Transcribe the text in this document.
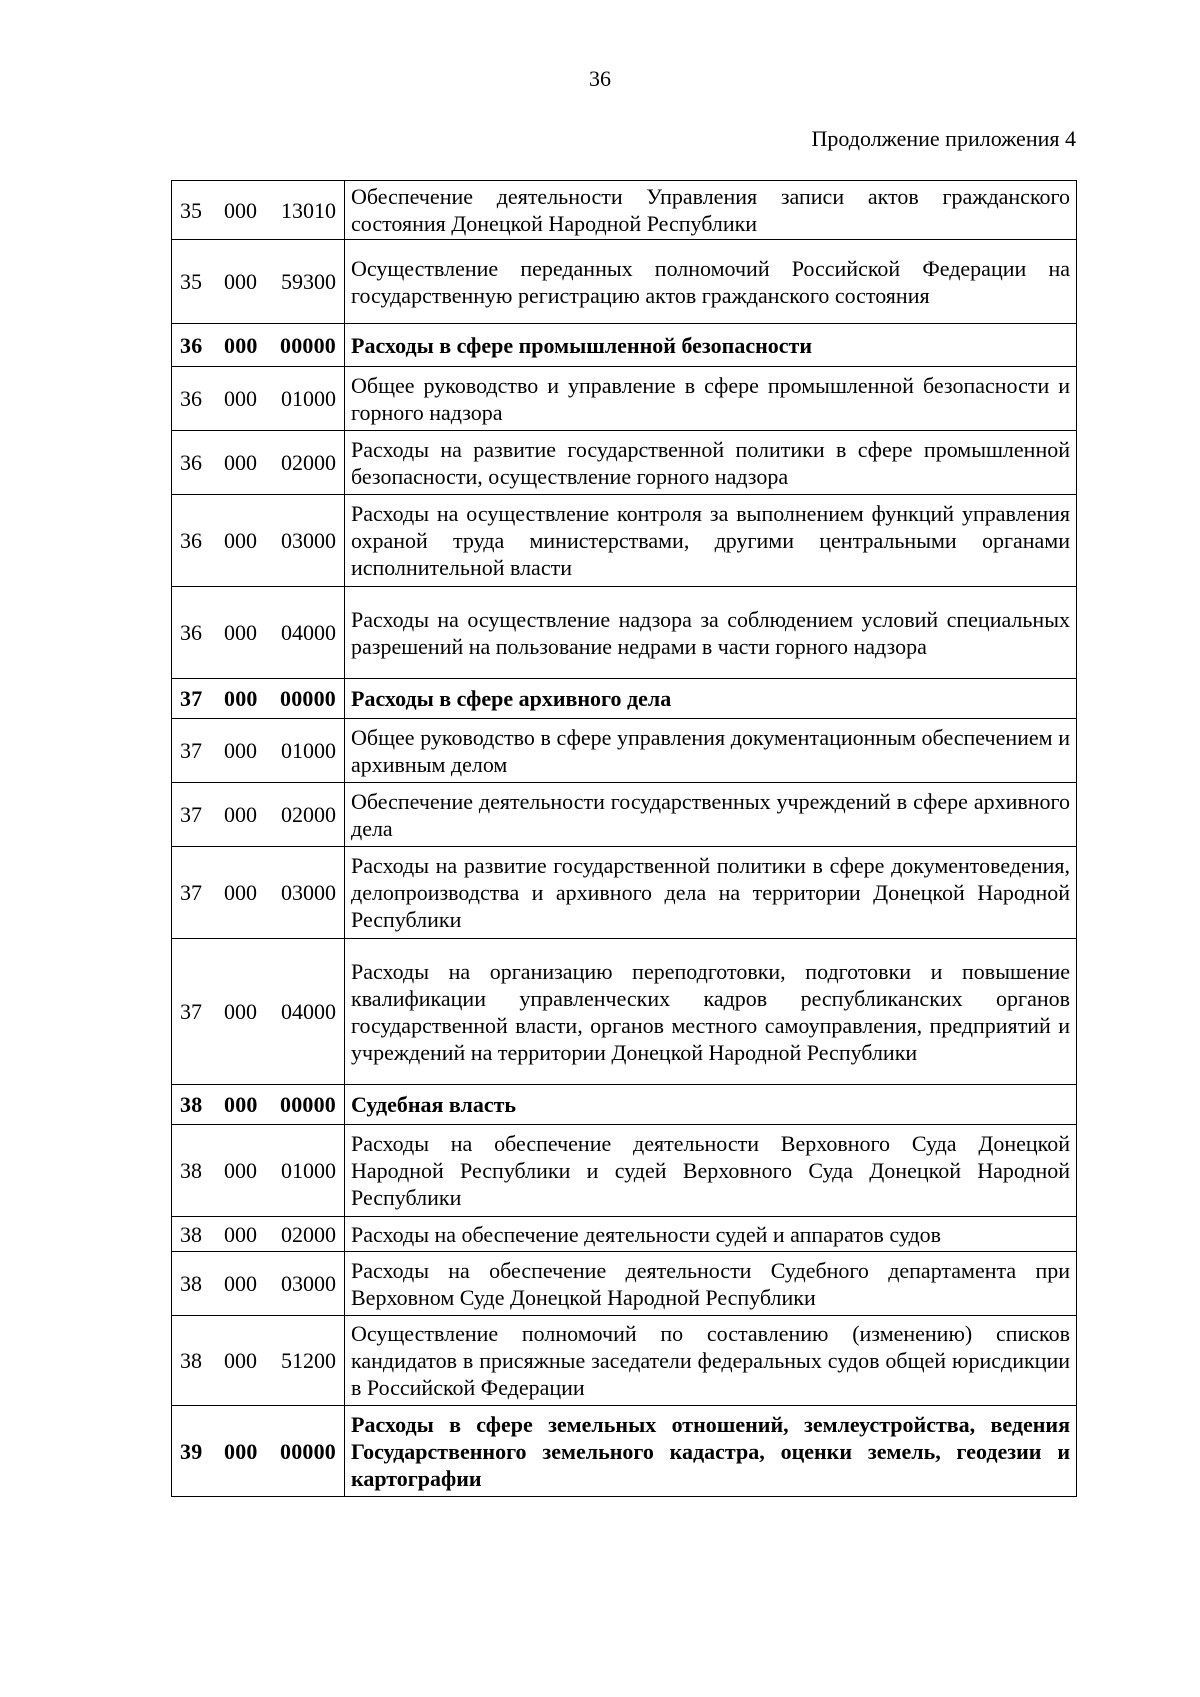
36
Продолжение приложения 4
35 000 13010	Обеспечение деятельности Управления записи актов гражданского состояния Донецкой Народной Республики

35 000 59300	Осуществление переданных полномочий Российской Федерации на государственную регистрацию актов гражданского состояния

36 000 00000	Расходы в сфере промышленной безопасности

36 000 01000	Общее руководство и управление в сфере промышленной безопасности и горного надзора

36 000 02000	Расходы на развитие государственной политики в сфере промышленной безопасности, осуществление горного надзора

36 000 03000	Расходы на осуществление контроля за выполнением функций управления охраной труда министерствами, другими центральными органами исполнительной власти

36 000 04000	Расходы на осуществление надзора за соблюдением условий специальных разрешений на пользование недрами в части горного надзора

37 000 00000	Расходы в сфере архивного дела

37 000 01000	Общее руководство в сфере управления документационным обеспечением и архивным делом

37 000 02000	Обеспечение деятельности государственных учреждений в сфере архивного дела

37 000 03000	Расходы на развитие государственной политики в сфере документоведения, делопроизводства и архивного дела на территории Донецкой Народной Республики

37 000 04000	Расходы на организацию переподготовки, подготовки и повышение квалификации управленческих кадров республиканских органов государственной власти, органов местного самоуправления, предприятий и учреждений на территории Донецкой Народной Республики

38 000 00000	Судебная власть

38 000 01000	Расходы на обеспечение деятельности Верховного Суда Донецкой Народной Республики и судей Верховного Суда Донецкой Народной Республики

38 000 02000	Расходы на обеспечение деятельности судей и аппаратов судов

38 000 03000	Расходы на обеспечение деятельности Судебного департамента при Верховном Суде Донецкой Народной Республики

38 000 51200	Осуществление полномочий по составлению (изменению) списков кандидатов в присяжные заседатели федеральных судов общей юрисдикции в Российской Федерации

39 000 00000	Расходы в сфере земельных отношений, землеустройства, ведения Государственного земельного кадастра, оценки земель, геодезии и картографии
